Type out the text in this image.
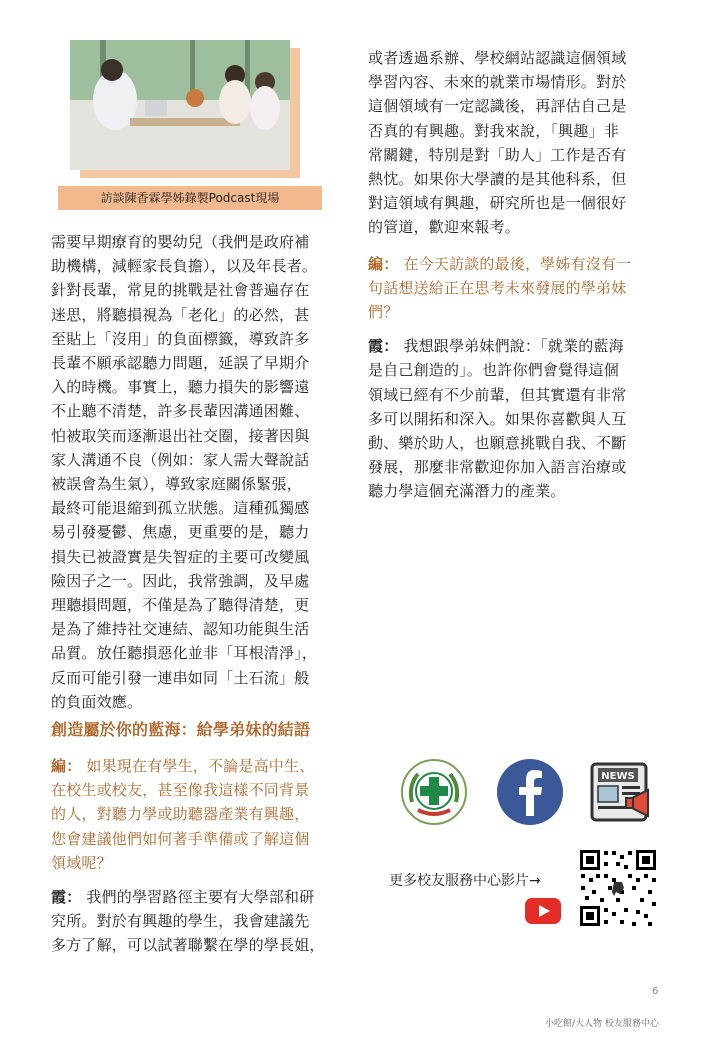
訪談陳香霖學姊錄製Podcast現場

需要早期療育的嬰幼兒（我們是政府補
助機構，減輕家長負擔），以及年長者。
針對長輩，常見的挑戰是社會普遍存在
迷思，將聽損視為「老化」的必然，甚
至貼上「沒用」的負面標籤，導致許多
長輩不願承認聽力問題，延誤了早期介
入的時機。事實上，聽力損失的影響遠
不止聽不清楚，許多長輩因溝通困難、
怕被取笑而逐漸退出社交圈，接著因與
家人溝通不良（例如：家人需大聲說話
被誤會為生氣），導致家庭關係緊張，
最終可能退縮到孤立狀態。這種孤獨感
易引發憂鬱、焦慮，更重要的是，聽力
損失已被證實是失智症的主要可改變風
險因子之一。因此，我常強調，及早處
理聽損問題，不僅是為了聽得清楚，更
是為了維持社交連結、認知功能與生活
品質。放任聽損惡化並非「耳根清淨」，
反而可能引發一連串如同「土石流」般
的負面效應。

創造屬於你的藍海：給學弟妹的結語

編： 如果現在有學生，不論是高中生、
在校生或校友，甚至像我這樣不同背景
的人，對聽力學或助聽器產業有興趣，
您會建議他們如何著手準備或了解這個
領域呢？

霞： 我們的學習路徑主要有大學部和研
究所。對於有興趣的學生，我會建議先
多方了解，可以試著聯繫在學的學長姐，

或者透過系辦、學校網站認識這個領域
學習內容、未來的就業市場情形。對於
這個領域有一定認識後，再評估自己是
否真的有興趣。對我來說，「興趣」非
常關鍵，特別是對「助人」工作是否有
熱忱。如果你大學讀的是其他科系，但
對這領域有興趣，研究所也是一個很好
的管道，歡迎來報考。

編： 在今天訪談的最後，學姊有沒有一
句話想送給正在思考未來發展的學弟妹
們？

霞： 我想跟學弟妹們說：「就業的藍海
是自己創造的」。也許你們會覺得這個
領域已經有不少前輩，但其實還有非常
多可以開拓和深入。如果你喜歡與人互
動、樂於助人，也願意挑戰自我、不斷
發展，那麼非常歡迎你加入語言治療或
聽力學這個充滿潛力的產業。

NEWS
更多校友服務中心影片→
6
小吃館/大人物 校友服務中心
